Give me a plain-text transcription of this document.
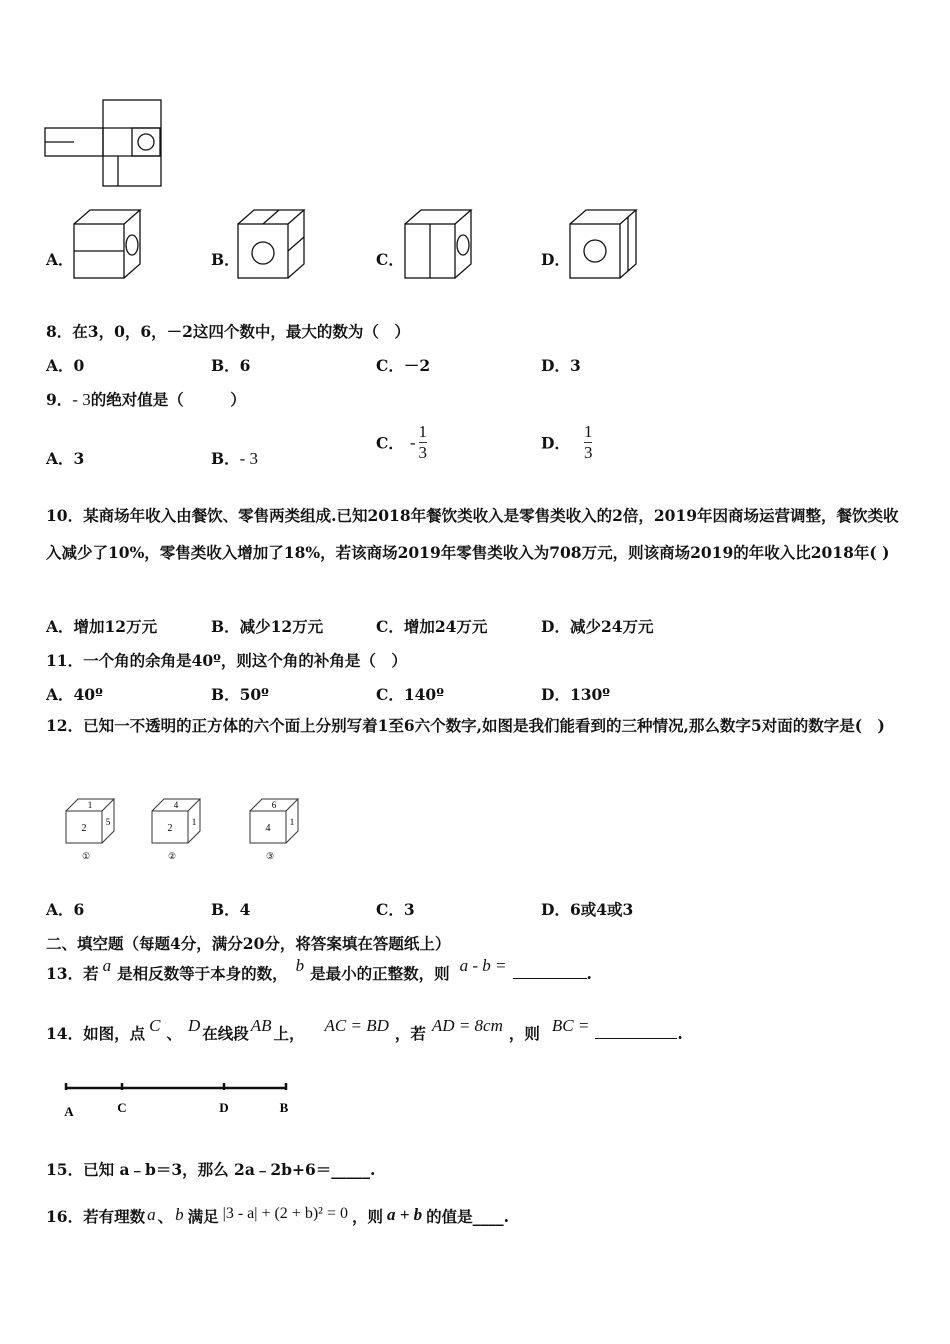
A．	B．	C．	D．
8．在3，0，6，－2这四个数中，最大的数为（　）
A．0	B．6	C．－2	D．3
9．- 3的绝对值是（　　　）
A．3	B．- 3
C． - $\frac{1}{3}$	D． $\frac{1}{3}$
10．某商场年收入由餐饮、零售两类组成.已知2018年餐饮类收入是零售类收入的2倍，2019年因商场运营调整，餐饮类收入减少了10%，零售类收入增加了18%，若该商场2019年零售类收入为708万元，则该商场2019的年收入比2018年( )
A．增加12万元	B．减少12万元	C．增加24万元	D．减少24万元
11．一个角的余角是40º，则这个角的补角是（　）
A．40º	B．50º	C．140º	D．130º
12．已知一不透明的正方体的六个面上分别写着1至6六个数字,如图是我们能看到的三种情况,那么数字5对面的数字是(　)
1
2
5
①
4
2
1
②
6
4
1
③
A．6	B．4	C．3	D．6或4或3
二、填空题（每题4分，满分20分，将答案填在答题纸上）
13．若 a 是相反数等于本身的数， b 是最小的正整数，则 a - b =	.
14．如图，点 C 、 D 在线段 AB 上， AC = BD ，若 AD = 8cm ，则 BC =	.
A	C	D	B
15．已知 a﹣b＝3，那么 2a﹣2b+6＝_____.
16．若有理数 a 、 b 满足 |3 - a| + (2 + b)² = 0 ，则 a + b 的值是____.
